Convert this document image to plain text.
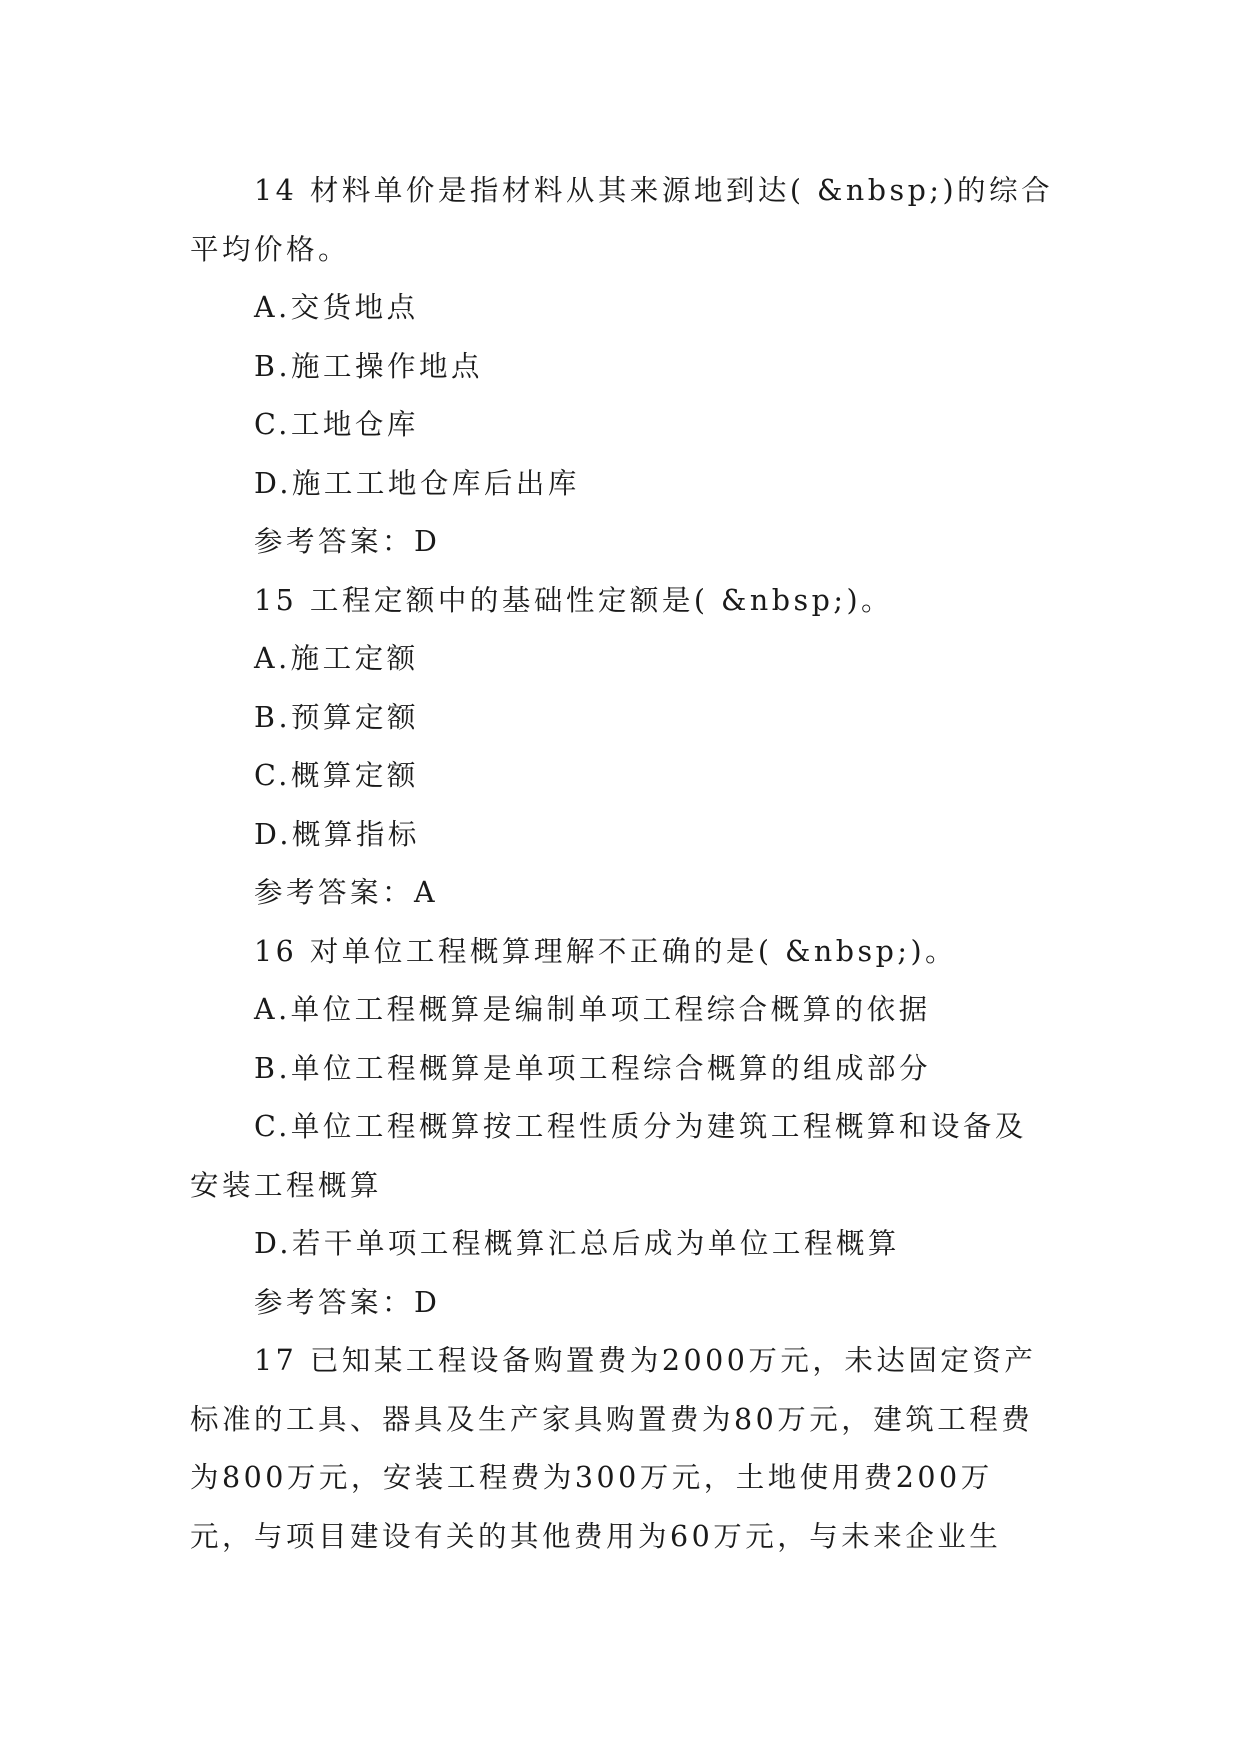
14 材料单价是指材料从其来源地到达( &nbsp;)的综合平均价格。

A.交货地点

B.施工操作地点

C.工地仓库

D.施工工地仓库后出库

参考答案：D

15 工程定额中的基础性定额是( &nbsp;)。

A.施工定额

B.预算定额

C.概算定额

D.概算指标

参考答案：A

16 对单位工程概算理解不正确的是( &nbsp;)。

A.单位工程概算是编制单项工程综合概算的依据

B.单位工程概算是单项工程综合概算的组成部分

C.单位工程概算按工程性质分为建筑工程概算和设备及安装工程概算

D.若干单项工程概算汇总后成为单位工程概算

参考答案：D

17 已知某工程设备购置费为2000万元，未达固定资产标准的工具、器具及生产家具购置费为80万元，建筑工程费为800万元，安装工程费为300万元，土地使用费200万元，与项目建设有关的其他费用为60万元，与未来企业生
